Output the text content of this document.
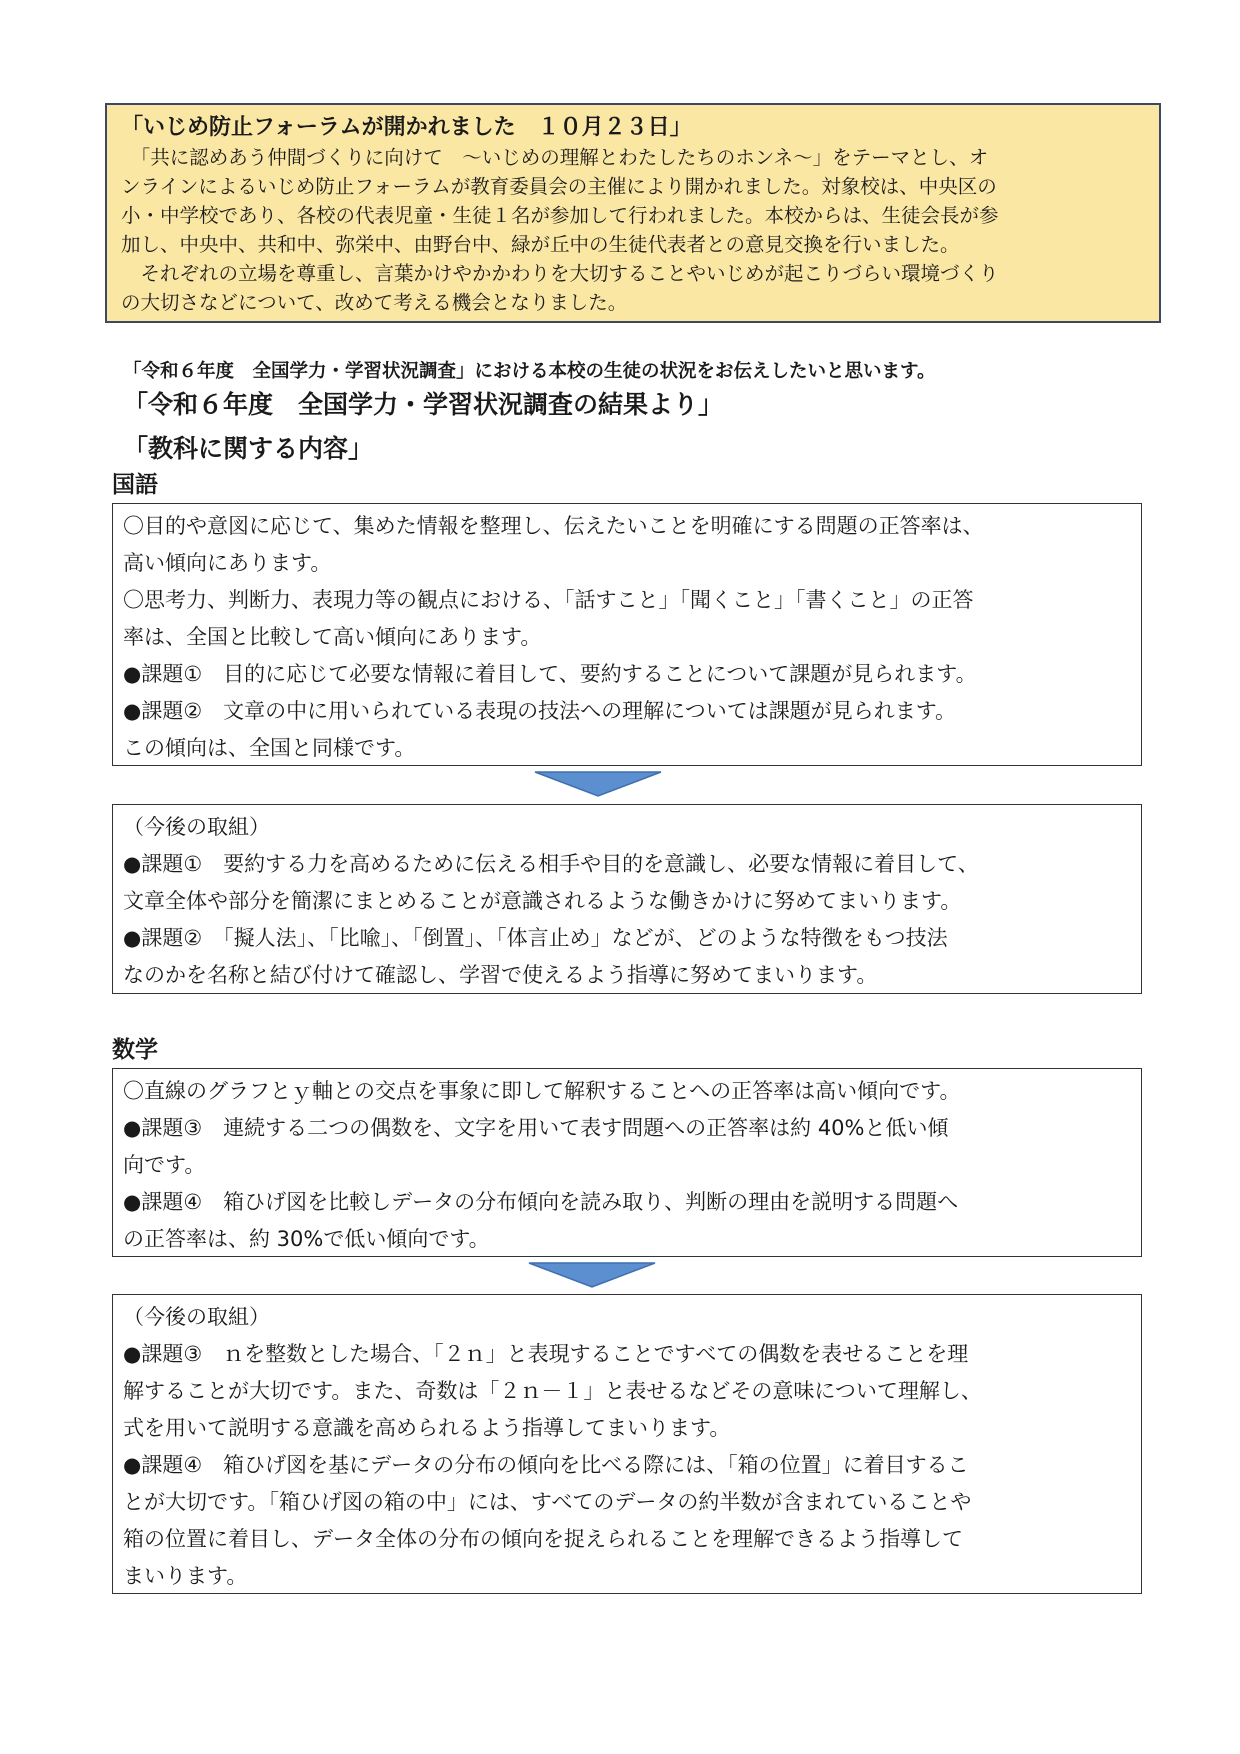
「いじめ防止フォーラムが開かれました　１０月２３日」

　「共に認めあう仲間づくりに向けて　～いじめの理解とわたしたちのホンネ～」をテーマとし、オ

ンラインによるいじめ防止フォーラムが教育委員会の主催により開かれました。対象校は、中央区の

小・中学校であり、各校の代表児童・生徒１名が参加して行われました。本校からは、生徒会長が参

加し、中央中、共和中、弥栄中、由野台中、緑が丘中の生徒代表者との意見交換を行いました。

　それぞれの立場を尊重し、言葉かけやかかわりを大切することやいじめが起こりづらい環境づくり

の大切さなどについて、改めて考える機会となりました。

「令和６年度　全国学力・学習状況調査」における本校の生徒の状況をお伝えしたいと思います。
「令和６年度　全国学力・学習状況調査の結果より」
「教科に関する内容」
国語

〇目的や意図に応じて、集めた情報を整理し、伝えたいことを明確にする問題の正答率は、

高い傾向にあります。

〇思考力、判断力、表現力等の観点における、「話すこと」「聞くこと」「書くこと」の正答

率は、全国と比較して高い傾向にあります。

●課題①　目的に応じて必要な情報に着目して、要約することについて課題が見られます。

●課題②　文章の中に用いられている表現の技法への理解については課題が見られます。

この傾向は、全国と同様です。

（今後の取組）

●課題①　要約する力を高めるために伝える相手や目的を意識し、必要な情報に着目して、

文章全体や部分を簡潔にまとめることが意識されるような働きかけに努めてまいります。

●課題②　「擬人法」、「比喩」、「倒置」、「体言止め」などが、どのような特徴をもつ技法

なのかを名称と結び付けて確認し、学習で使えるよう指導に努めてまいります。

数学

〇直線のグラフとｙ軸との交点を事象に即して解釈することへの正答率は高い傾向です。

●課題③　連続する二つの偶数を、文字を用いて表す問題への正答率は約 40%と低い傾

向です。

●課題④　箱ひげ図を比較しデータの分布傾向を読み取り、判断の理由を説明する問題へ

の正答率は、約 30%で低い傾向です。

（今後の取組）

●課題③　ｎを整数とした場合、「２ｎ」と表現することですべての偶数を表せることを理

解することが大切です。また、奇数は「２ｎ－１」と表せるなどその意味について理解し、

式を用いて説明する意識を高められるよう指導してまいります。

●課題④　箱ひげ図を基にデータの分布の傾向を比べる際には、「箱の位置」に着目するこ

とが大切です。「箱ひげ図の箱の中」には、すべてのデータの約半数が含まれていることや

箱の位置に着目し、データ全体の分布の傾向を捉えられることを理解できるよう指導して

まいります。
